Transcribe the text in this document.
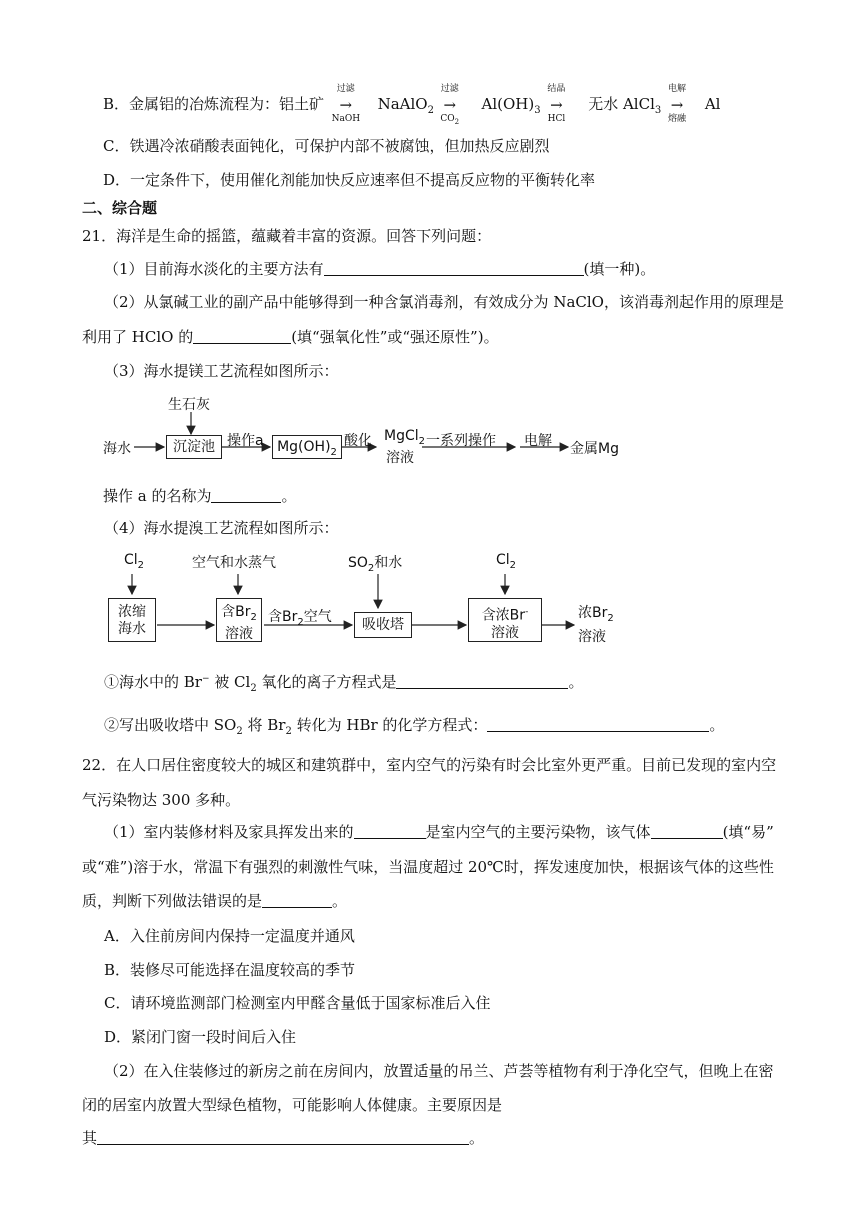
B．金属铝的冶炼流程为：铝土矿
过滤
→
NaOH
NaAlO$_2$
过滤
→
$CO_2$
$Al(OH)_3$
结晶
→
HCl
无水 AlCl$_3$
电解
→
熔融
Al
C．铁遇冷浓硝酸表面钝化，可保护内部不被腐蚀，但加热反应剧烈
D．一定条件下，使用催化剂能加快反应速率但不提高反应物的平衡转化率
二、综合题
21．海洋是生命的摇篮，蕴藏着丰富的资源。回答下列问题：
（1）目前海水淡化的主要方法有	(填一种)。
（2）从氯碱工业的副产品中能够得到一种含氯消毒剂，有效成分为 NaClO，该消毒剂起作用的原理是
利用了 HClO 的	(填“强氧化性”或“强还原性”)。
（3）海水提镁工艺流程如图所示：
生石灰
海水	沉淀池 操作a $Mg(OH)_2$
酸化 MgCl$_2$
溶液
一系列操作 电解 金属Mg
操作 a 的名称为	。
（4）海水提溴工艺流程如图所示：
$Cl_2$	空气和水蒸气	$SO_2$和水	$Cl_2$
浓缩
海水
含$Br_2$
溶液
含$Br_2$空气	吸收塔
含浓Br-
溶液
浓$Br_2$
溶液
①海水中的 Br− 被 $Cl_2$ 氧化的离子方程式是	。
②写出吸收塔中 $SO_2$ 将 $Br_2$ 转化为 HBr 的化学方程式：	。
22．在人口居住密度较大的城区和建筑群中，室内空气的污染有时会比室外更严重。目前已发现的室内空
气污染物达 300 多种。
（1）室内装修材料及家具挥发出来的	是室内空气的主要污染物，该气体	(填“易”
或“难”)溶于水，常温下有强烈的刺激性气味，当温度超过 20℃时，挥发速度加快，根据该气体的这些性
质，判断下列做法错误的是	。
A．入住前房间内保持一定温度并通风
B．装修尽可能选择在温度较高的季节
C．请环境监测部门检测室内甲醛含量低于国家标准后入住
D．紧闭门窗一段时间后入住
（2）在入住装修过的新房之前在房间内，放置适量的吊兰、芦荟等植物有利于净化空气，但晚上在密
闭的居室内放置大型绿色植物，可能影响人体健康。主要原因是
其	。
